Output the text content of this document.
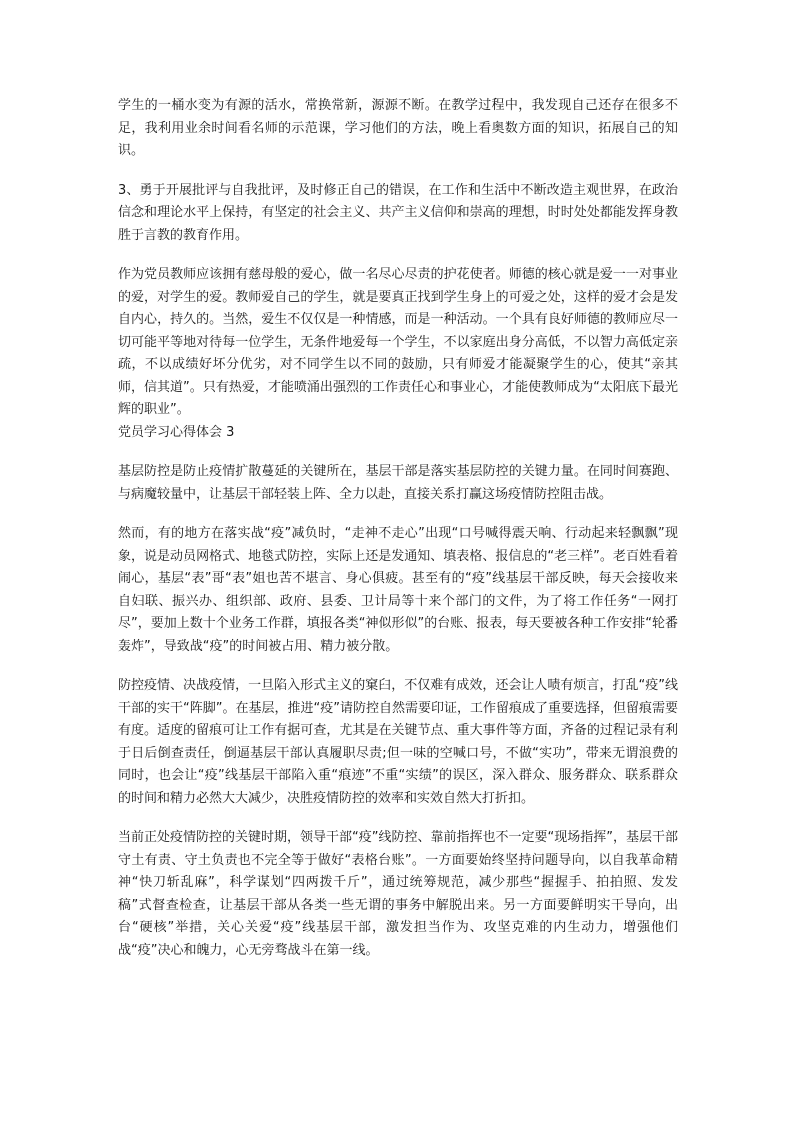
学生的一桶水变为有源的活水，常换常新，源源不断。在教学过程中，我发现自己还存在很多不足，我利用业余时间看名师的示范课，学习他们的方法，晚上看奥数方面的知识，拓展自己的知识。

3、勇于开展批评与自我批评，及时修正自己的错误，在工作和生活中不断改造主观世界，在政治信念和理论水平上保持，有坚定的社会主义、共产主义信仰和崇高的理想，时时处处都能发挥身教胜于言教的教育作用。

作为党员教师应该拥有慈母般的爱心，做一名尽心尽责的护花使者。师德的核心就是爱一一对事业的爱，对学生的爱。教师爱自己的学生，就是要真正找到学生身上的可爱之处，这样的爱才会是发自内心，持久的。当然，爱生不仅仅是一种情感，而是一种活动。一个具有良好师德的教师应尽一切可能平等地对待每一位学生，无条件地爱每一个学生，不以家庭出身分高低，不以智力高低定亲疏，不以成绩好坏分优劣，对不同学生以不同的鼓励，只有师爱才能凝聚学生的心，使其“亲其师，信其道”。只有热爱，才能喷涌出强烈的工作责任心和事业心，才能使教师成为“太阳底下最光辉的职业”。

党员学习心得体会 3

基层防控是防止疫情扩散蔓延的关键所在，基层干部是落实基层防控的关键力量。在同时间赛跑、与病魔较量中，让基层干部轻装上阵、全力以赴，直接关系打赢这场疫情防控阻击战。

然而，有的地方在落实战“疫”减负时，“走神不走心”出现“口号喊得震天响、行动起来轻飘飘”现象，说是动员网格式、地毯式防控，实际上还是发通知、填表格、报信息的“老三样”。老百姓看着闹心，基层“表”哥“表”姐也苦不堪言、身心俱疲。甚至有的“疫”线基层干部反映，每天会接收来自妇联、振兴办、组织部、政府、县委、卫计局等十来个部门的文件，为了将工作任务“一网打尽”，要加上数十个业务工作群，填报各类“神似形似”的台账、报表，每天要被各种工作安排“轮番轰炸”，导致战“疫”的时间被占用、精力被分散。

防控疫情、决战疫情，一旦陷入形式主义的窠臼，不仅难有成效，还会让人啧有烦言，打乱“疫”线干部的实干“阵脚”。在基层，推进“疫”请防控自然需要印证，工作留痕成了重要选择，但留痕需要有度。适度的留痕可让工作有据可查，尤其是在关键节点、重大事件等方面，齐备的过程记录有利于日后倒查责任，倒逼基层干部认真履职尽责;但一味的空喊口号，不做“实功”，带来无谓浪费的同时，也会让“疫”线基层干部陷入重“痕迹”不重“实绩”的误区，深入群众、服务群众、联系群众的时间和精力必然大大减少，决胜疫情防控的效率和实效自然大打折扣。

当前正处疫情防控的关键时期，领导干部“疫”线防控、靠前指挥也不一定要“现场指挥”，基层干部守土有责、守土负责也不完全等于做好“表格台账”。一方面要始终坚持问题导向，以自我革命精神“快刀斩乱麻”，科学谋划“四两拨千斤”，通过统筹规范，减少那些“握握手、拍拍照、发发稿”式督查检查，让基层干部从各类一些无谓的事务中解脱出来。另一方面要鲜明实干导向，出台“硬核”举措，关心关爱“疫”线基层干部，激发担当作为、攻坚克难的内生动力，增强他们战“疫”决心和魄力，心无旁骛战斗在第一线。
